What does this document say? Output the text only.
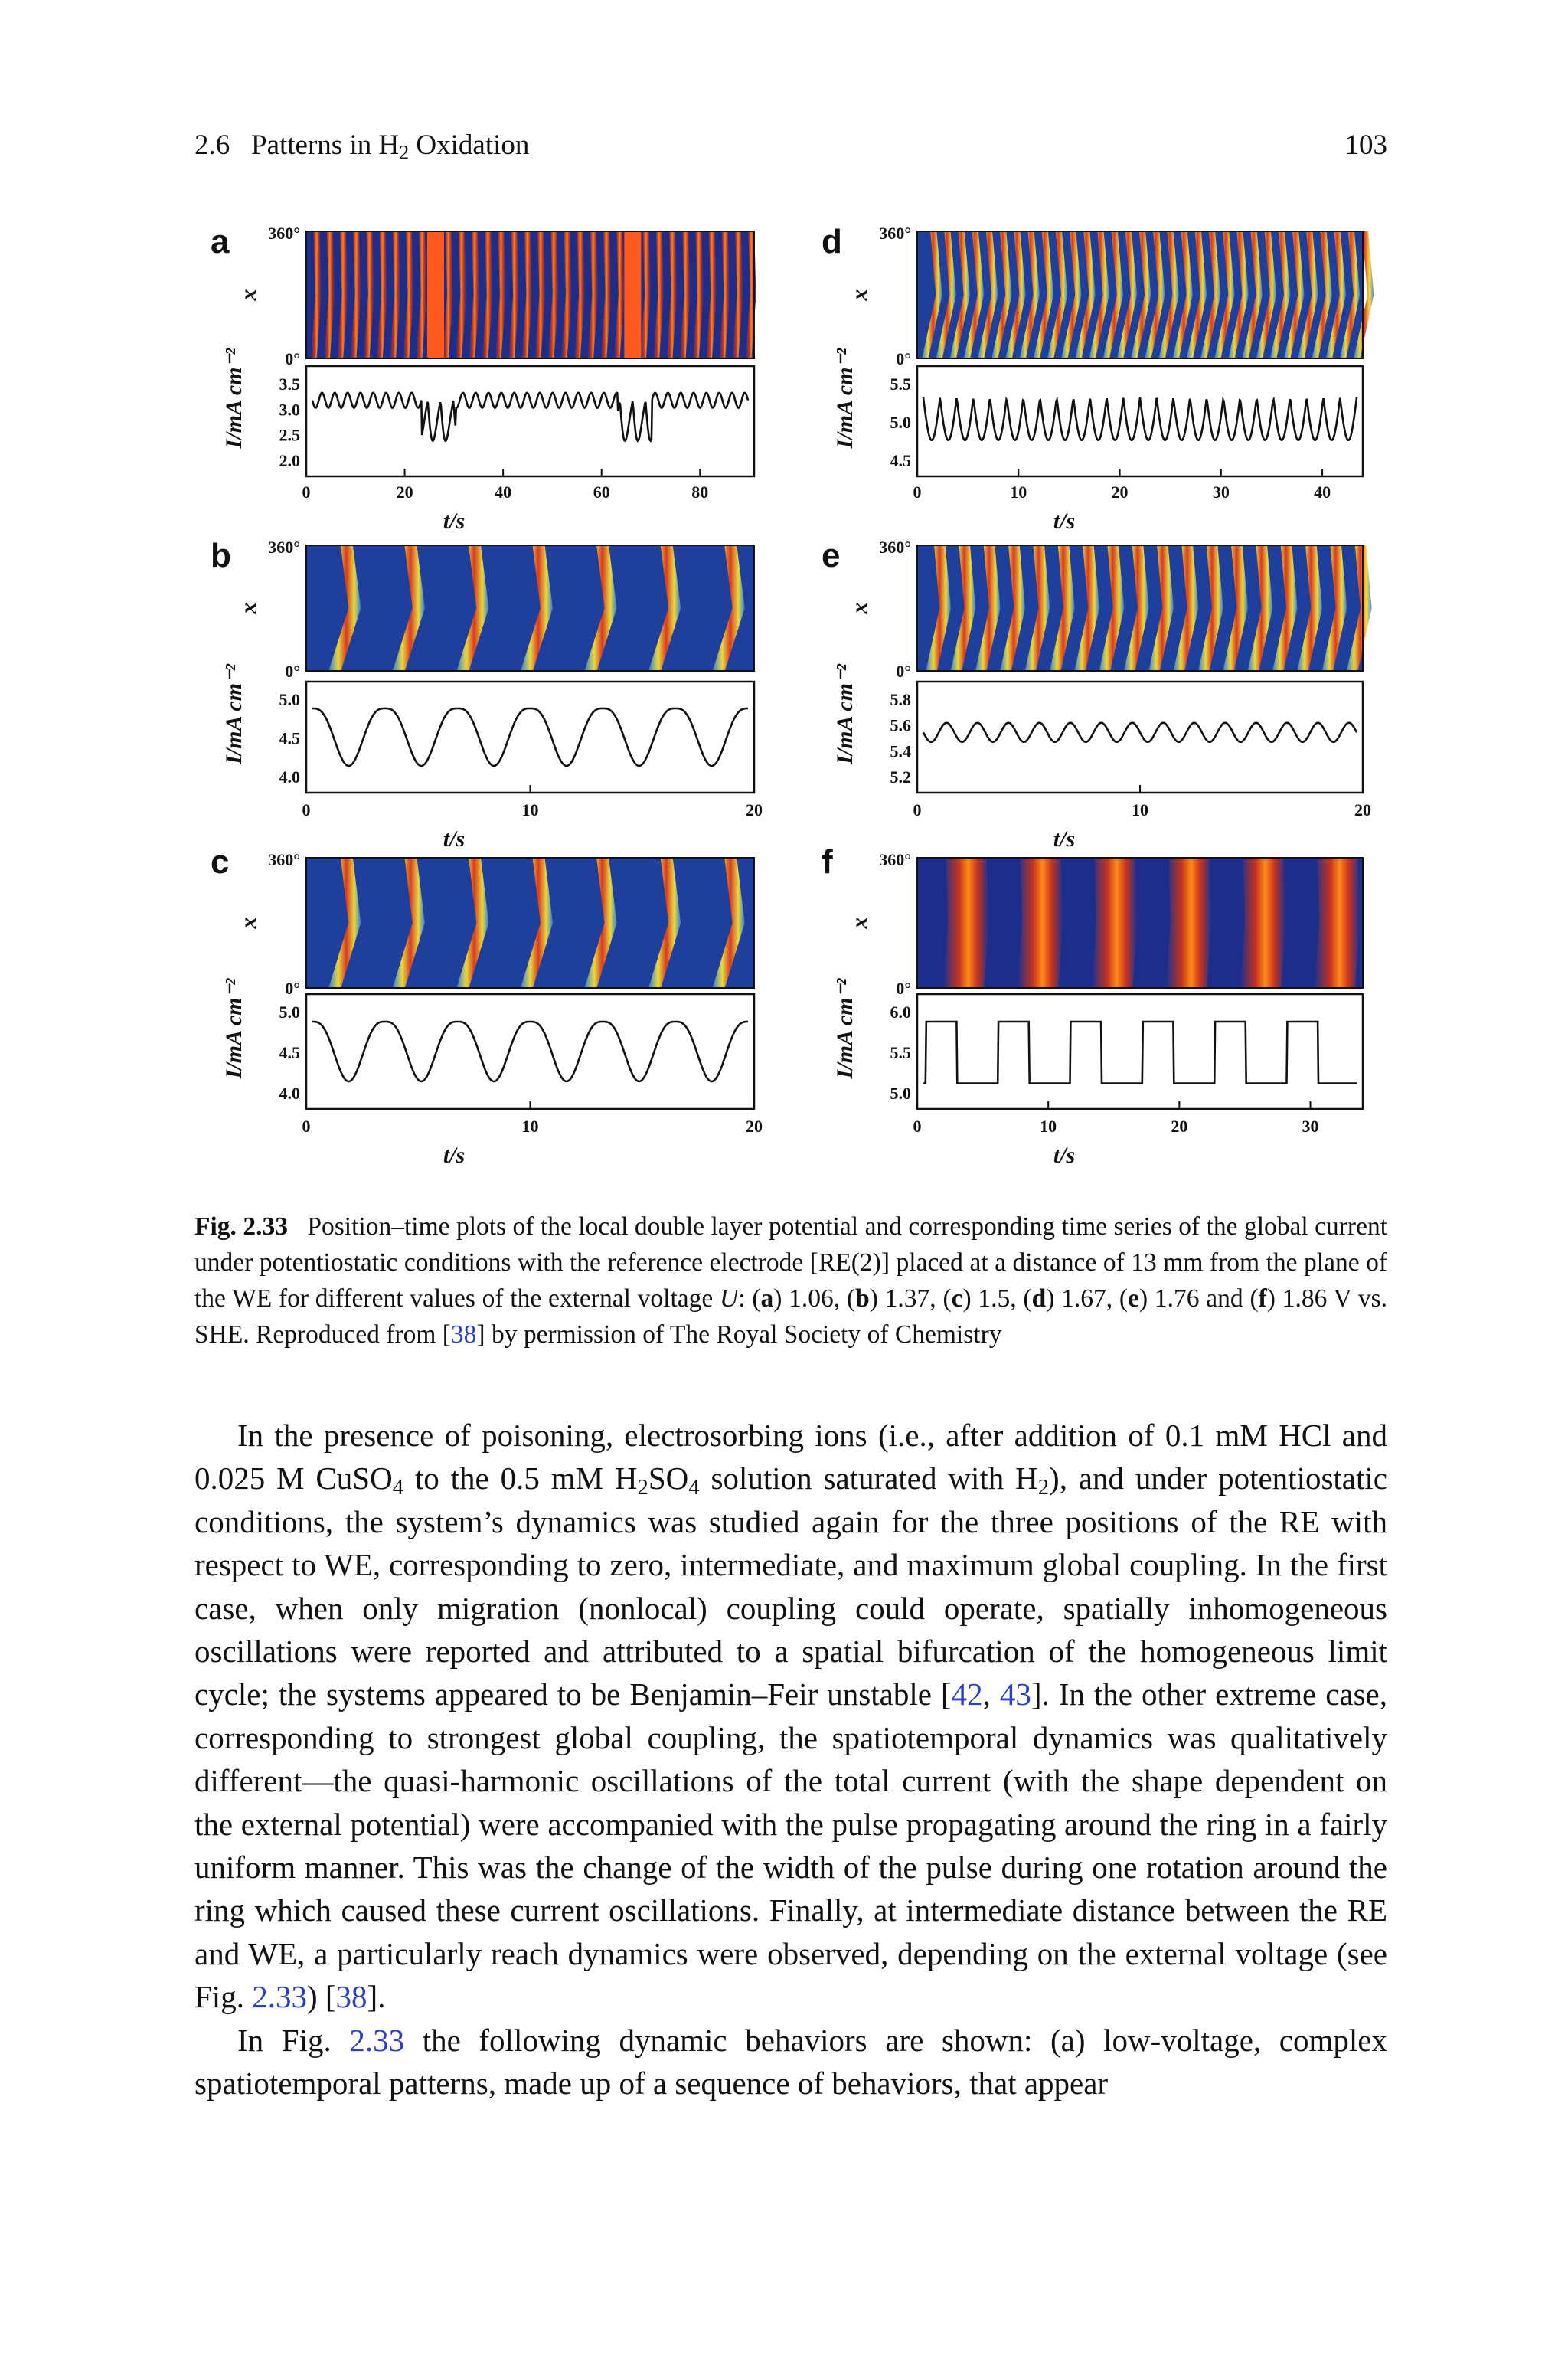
2.6 Patterns in $H_2$ Oxidation	103
a
0	20	40	60	80
t/s
360°
0°
x
3.5
3.0
2.5
2.0
I/mA cm⁻²
b
0	10	20
t/s
360°
0°
x
5.0
4.5
4.0
I/mA cm⁻²
c
0	10	20
t/s
360°
0°
x
5.0
4.5
4.0
I/mA cm⁻²
d
0	10	20	30	40
t/s
360°
0°
x
5.5
5.0
4.5
I/mA cm⁻²
e
0	10	20
t/s
360°
0°
x
5.8
5.6
5.4
5.2
I/mA cm⁻²
f
0	10	20	30
t/s
360°
0°
x
6.0
5.5
5.0
I/mA cm⁻²
Fig. 2.33 Position–time plots of the local double layer potential and corresponding time series of the global current under potentiostatic conditions with the reference electrode [RE(2)] placed at a distance of 13 mm from the plane of the WE for different values of the external voltage U: (a) 1.06, (b) 1.37, (c) 1.5, (d) 1.67, (e) 1.76 and (f) 1.86 V vs. SHE. Reproduced from [38] by permission of The Royal Society of Chemistry

In the presence of poisoning, electrosorbing ions (i.e., after addition of 0.1 mM HCl and 0.025 M CuSO$_4$ to the 0.5 mM $H_2SO_4$ solution saturated with $H_2$), and under potentiostatic conditions, the system’s dynamics was studied again for the three positions of the RE with respect to WE, corresponding to zero, intermediate, and maximum global coupling. In the first case, when only migration (nonlocal) coupling could operate, spatially inhomogeneous oscillations were reported and attributed to a spatial bifurcation of the homogeneous limit cycle; the systems appeared to be Benjamin–Feir unstable [42, 43]. In the other extreme case, corresponding to strongest global coupling, the spatiotemporal dynamics was qualitatively different—the quasi-harmonic oscillations of the total current (with the shape dependent on the external potential) were accompanied with the pulse propagating around the ring in a fairly uniform manner. This was the change of the width of the pulse during one rotation around the ring which caused these current oscillations. Finally, at intermediate distance between the RE and WE, a particularly reach dynamics were observed, depending on the external voltage (see Fig. 2.33) [38].

In Fig. 2.33 the following dynamic behaviors are shown: (a) low-voltage, complex spatiotemporal patterns, made up of a sequence of behaviors, that appear
